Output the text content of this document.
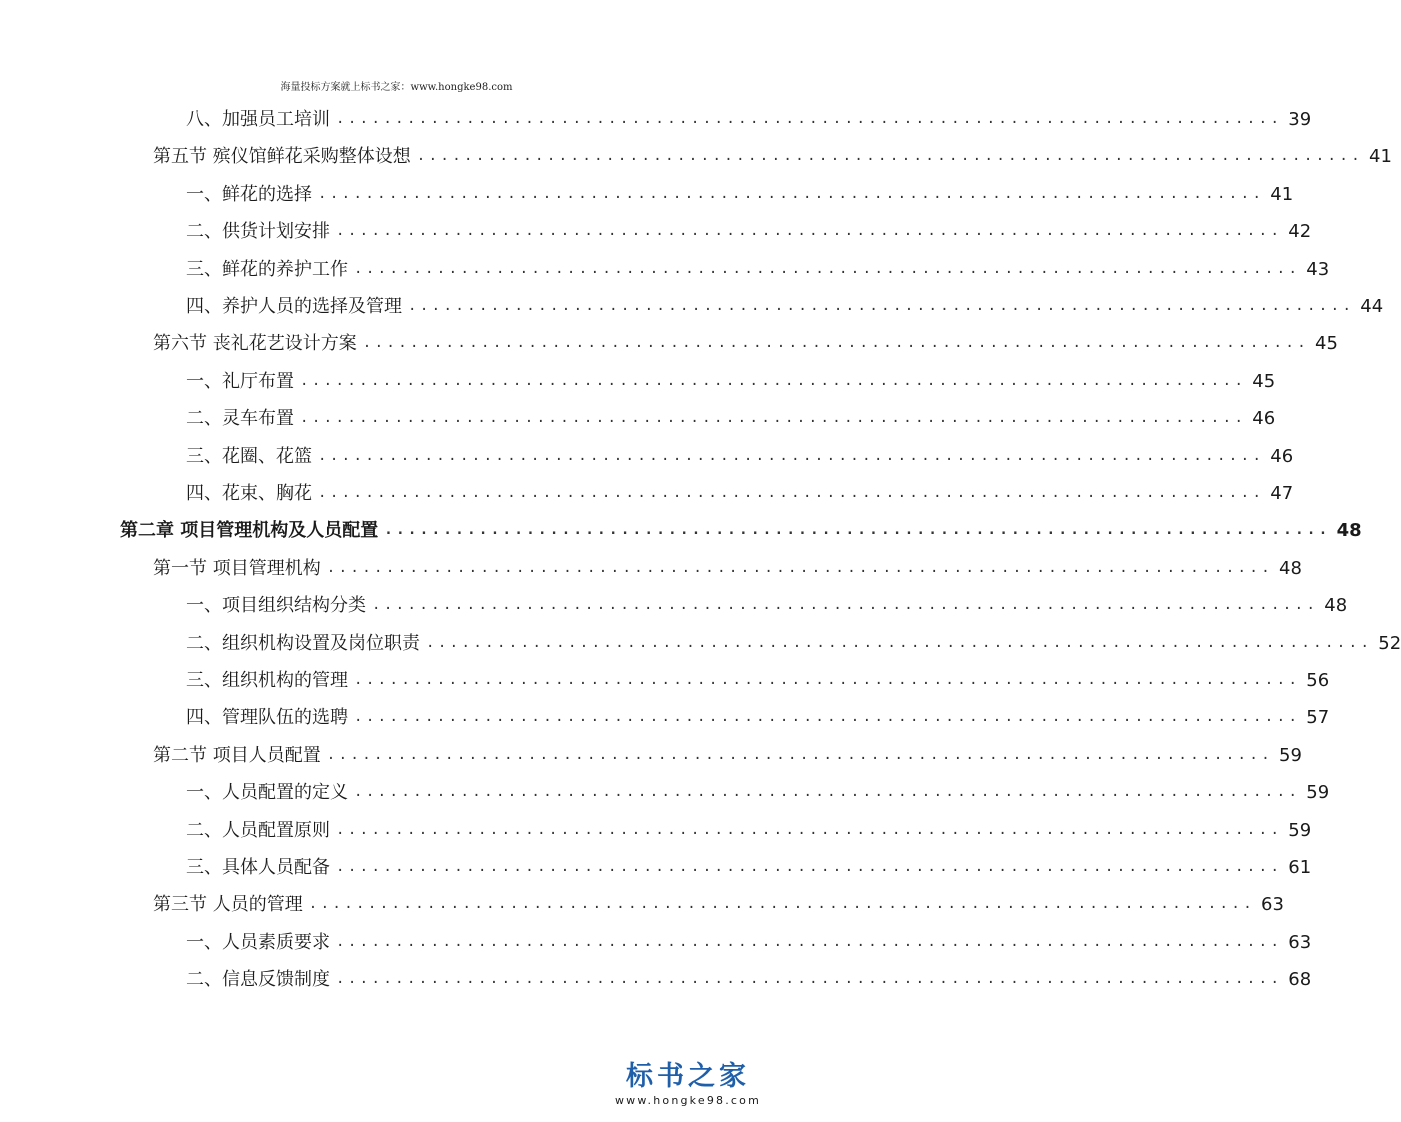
海量投标方案就上标书之家：www.hongke98.com
八、加强员工培训 ................................................................................ 39
第五节 殡仪馆鲜花采购整体设想 ................................................................................ 41
一、鲜花的选择 ................................................................................ 41
二、供货计划安排 ................................................................................ 42
三、鲜花的养护工作 ................................................................................ 43
四、养护人员的选择及管理 ................................................................................ 44
第六节 丧礼花艺设计方案 ................................................................................ 45
一、礼厅布置 ................................................................................ 45
二、灵车布置 ................................................................................ 46
三、花圈、花篮 ................................................................................ 46
四、花束、胸花 ................................................................................ 47
第二章 项目管理机构及人员配置 ................................................................................ 48
第一节 项目管理机构 ................................................................................ 48
一、项目组织结构分类 ................................................................................ 48
二、组织机构设置及岗位职责 ................................................................................ 52
三、组织机构的管理 ................................................................................ 56
四、管理队伍的选聘 ................................................................................ 57
第二节 项目人员配置 ................................................................................ 59
一、人员配置的定义 ................................................................................ 59
二、人员配置原则 ................................................................................ 59
三、具体人员配备 ................................................................................ 61
第三节 人员的管理 ................................................................................ 63
一、人员素质要求 ................................................................................ 63
二、信息反馈制度 ................................................................................ 68
标书之家
www.hongke98.com
